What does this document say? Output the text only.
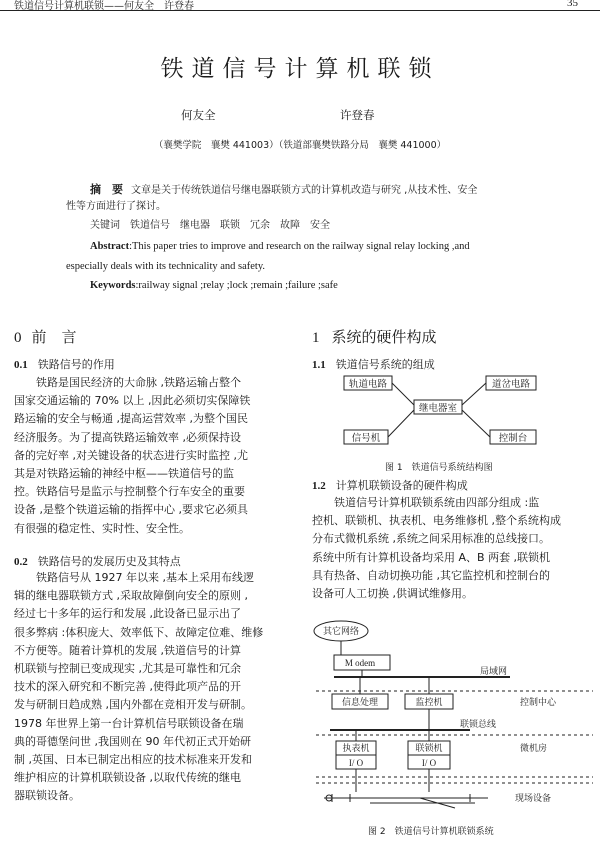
铁道信号计算机联锁——何友全　许登春	35
铁道信号计算机联锁
何友全	许登春
（襄樊学院　襄樊 441003）（铁道部襄樊铁路分局　襄樊 441000）
摘　要 文章是关于传统铁道信号继电器联锁方式的计算机改造与研究 ,从技术性、安全
性等方面进行了探讨。
关键词 铁道信号　继电器　联锁　冗余　故障　安全
Abstract:This paper tries to improve and research on the railway signal relay locking ,and
especially deals with its technicality and safety.
Keywords:railway signal ;relay ;lock ;remain ;failure ;safe
0 前　言
0.1 铁路信号的作用
铁路是国民经济的大命脉 ,铁路运输占整个
国家交通运输的 70% 以上 ,因此必须切实保障铁
路运输的安全与畅通 ,提高运营效率 ,为整个国民
经济服务。为了提高铁路运输效率 ,必须保持设
备的完好率 ,对关键设备的状态进行实时监控 ,尤
其是对铁路运输的神经中枢——铁道信号的监
控。铁路信号是监示与控制整个行车安全的重要
设备 ,是整个铁道运输的指挥中心 ,要求它必须具
有很强的稳定性、实时性、安全性。
0.2 铁路信号的发展历史及其特点
铁路信号从 1927 年以来 ,基本上采用布线逻
辑的继电器联锁方式 ,采取故障倒向安全的原则 ,
经过七十多年的运行和发展 ,此设备已显示出了
很多弊病 :体积庞大、效率低下、故障定位难、维修
不方便等。随着计算机的发展 ,铁道信号的计算
机联锁与控制已变成现实 ,尤其是可靠性和冗余
技术的深入研究和不断完善 ,使得此项产品的开
发与研制日趋成熟 ,国内外都在竞相开发与研制。
1978 年世界上第一台计算机信号联锁设备在瑞
典的哥德堡问世 ,我国则在 90 年代初正式开始研
制 ,英国、日本已制定出相应的技术标准来开发和
维护相应的计算机联锁设备 ,以取代传统的继电
器联锁设备。
1 系统的硬件构成
1.1 铁道信号系统的组成
轨道电路	道岔电路
继电器室
信号机	控制台
图 1　铁道信号系统结构图
1.2 计算机联锁设备的硬件构成
铁道信号计算机联锁系统由四部分组成 :监
控机、联锁机、执表机、电务维修机 ,整个系统构成
分布式微机系统 ,系统之间采用标准的总线接口。
系统中所有计算机设备均采用 A、B 两套 ,联锁机
具有热备、自动切换功能 ,其它监控机和控制台的
设备可人工切换 ,供调试维修用。
其它网络
M odem
局域网
信息处理	监控机	控制中心
联锁总线
执表机	联锁机
I/ O	I/ O
微机房
现场设备
图 2　铁道信号计算机联锁系统
